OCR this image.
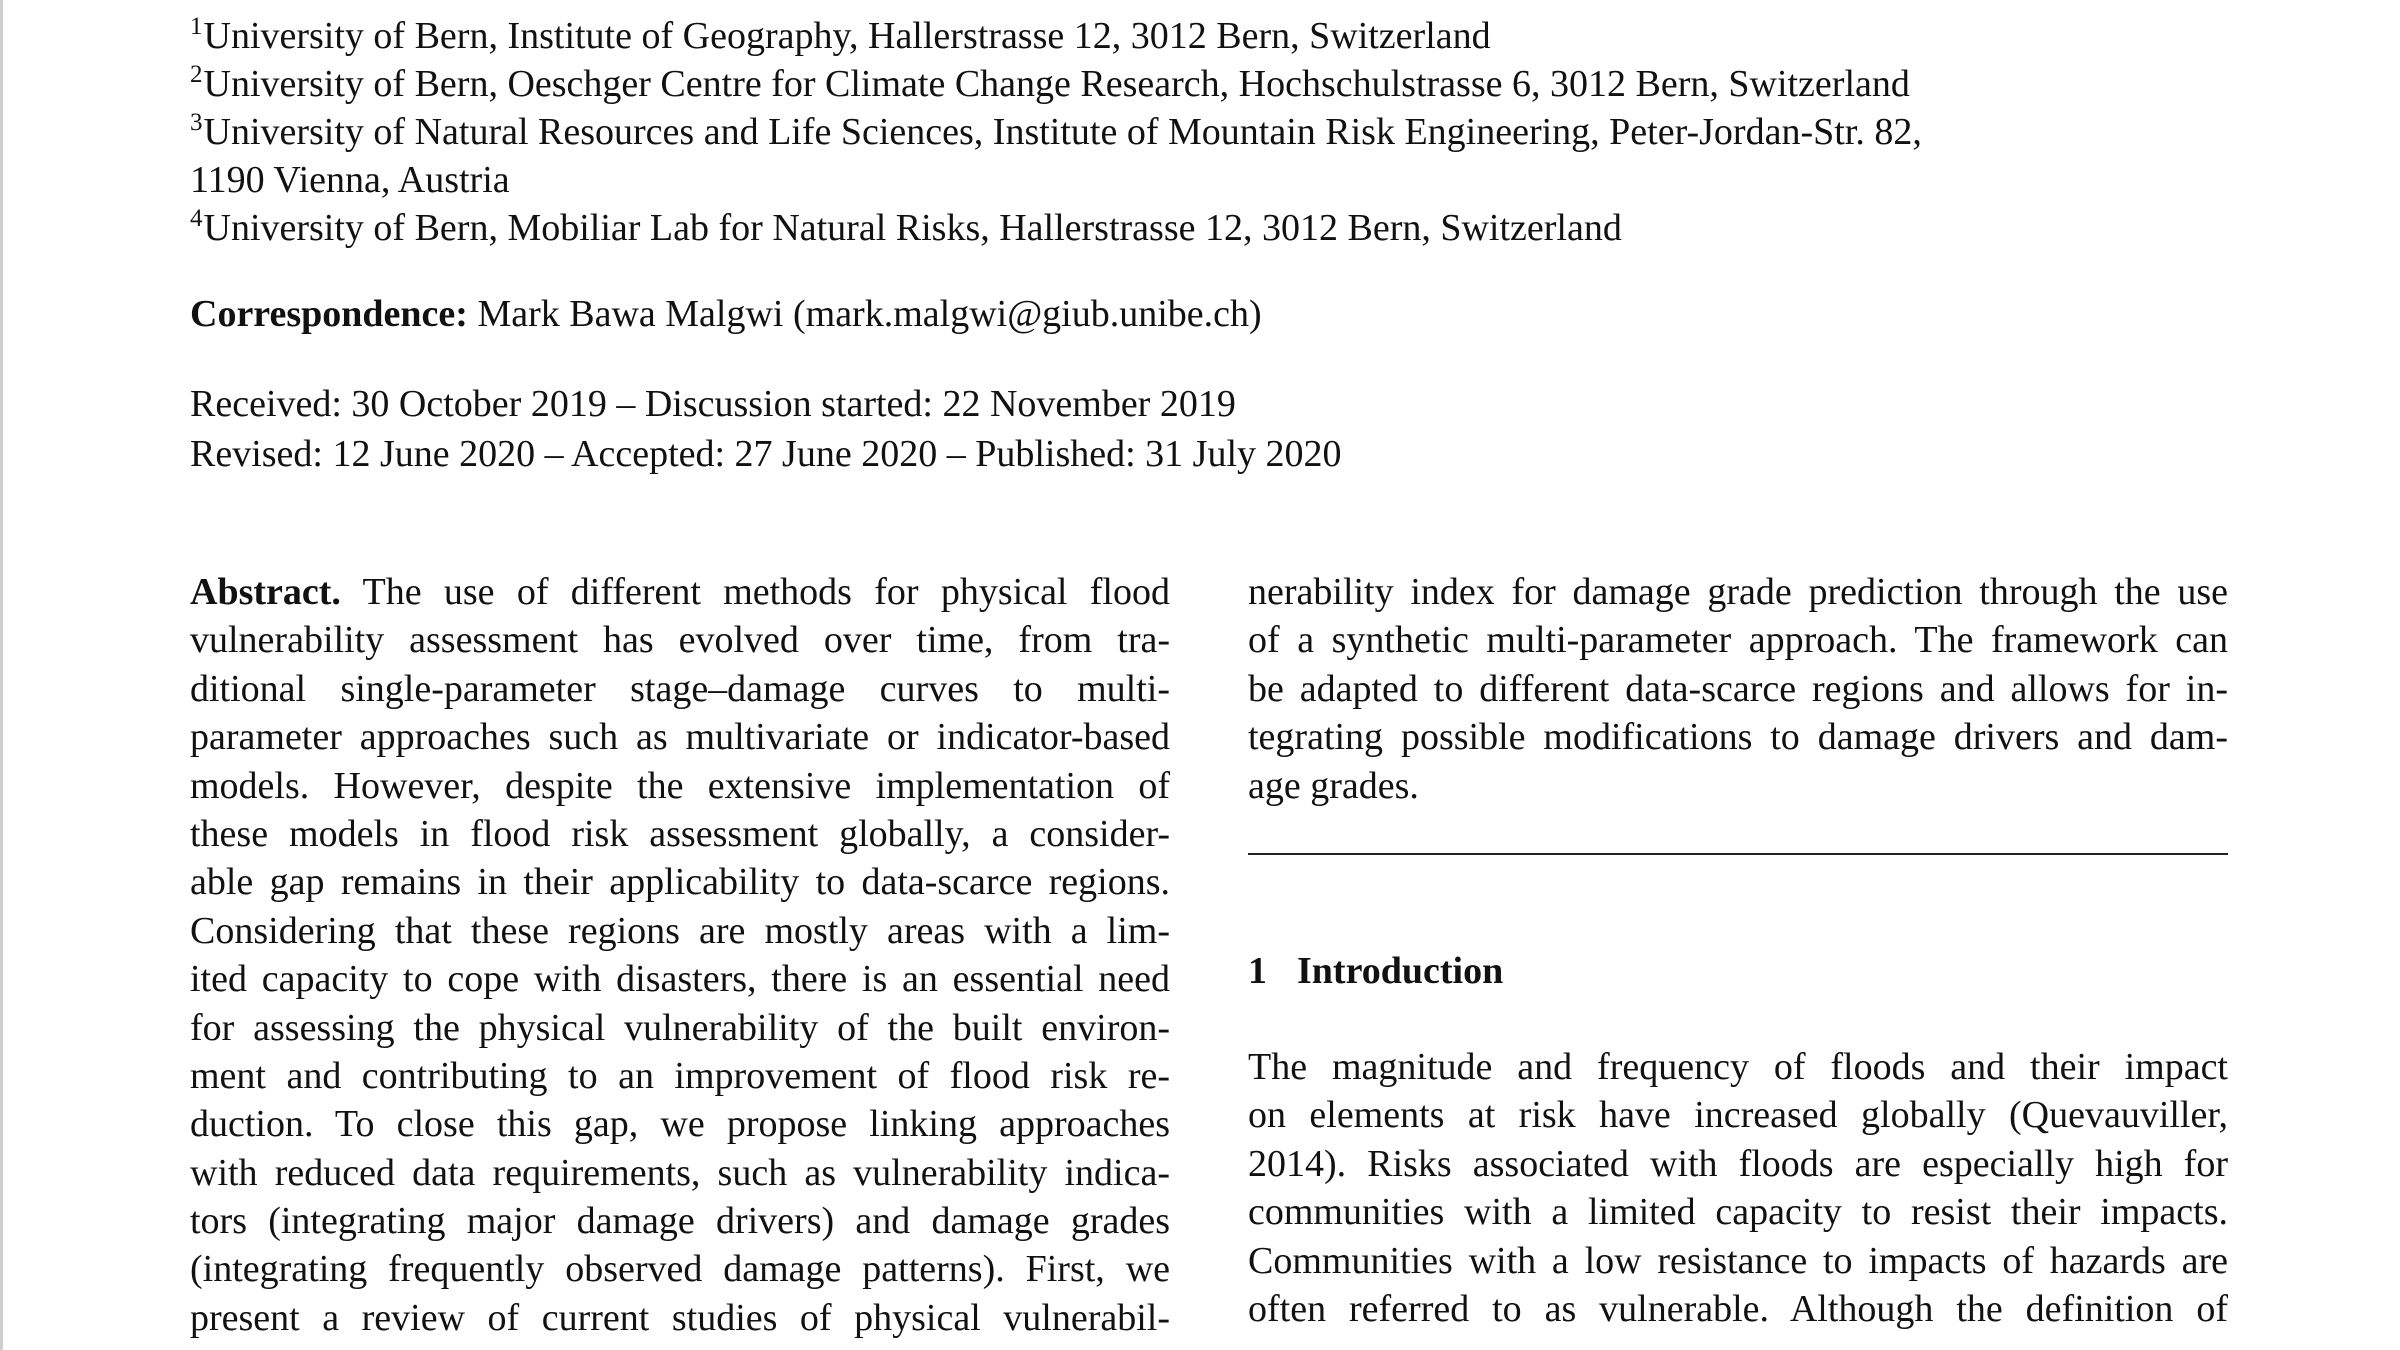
$^1$University of Bern, Institute of Geography, Hallerstrasse 12, 3012 Bern, Switzerland
$^2$University of Bern, Oeschger Centre for Climate Change Research, Hochschulstrasse 6, 3012 Bern, Switzerland
$^3$University of Natural Resources and Life Sciences, Institute of Mountain Risk Engineering, Peter-Jordan-Str. 82,
1190 Vienna, Austria
$^4$University of Bern, Mobiliar Lab for Natural Risks, Hallerstrasse 12, 3012 Bern, Switzerland
Correspondence: Mark Bawa Malgwi (mark.malgwi@giub.unibe.ch)
Received: 30 October 2019 – Discussion started: 22 November 2019
Revised: 12 June 2020 – Accepted: 27 June 2020 – Published: 31 July 2020
Abstract. The use of different methods for physical flood
vulnerability assessment has evolved over time, from tra-
ditional single-parameter stage–damage curves to multi-
parameter approaches such as multivariate or indicator-based
models. However, despite the extensive implementation of
these models in flood risk assessment globally, a consider-
able gap remains in their applicability to data-scarce regions.
Considering that these regions are mostly areas with a lim-
ited capacity to cope with disasters, there is an essential need
for assessing the physical vulnerability of the built environ-
ment and contributing to an improvement of flood risk re-
duction. To close this gap, we propose linking approaches
with reduced data requirements, such as vulnerability indica-
tors (integrating major damage drivers) and damage grades
(integrating frequently observed damage patterns). First, we
present a review of current studies of physical vulnerabil-
nerability index for damage grade prediction through the use
of a synthetic multi-parameter approach. The framework can
be adapted to different data-scarce regions and allows for in-
tegrating possible modifications to damage drivers and dam-
age grades.
1 Introduction
The magnitude and frequency of floods and their impact
on elements at risk have increased globally (Quevauviller,
2014). Risks associated with floods are especially high for
communities with a limited capacity to resist their impacts.
Communities with a low resistance to impacts of hazards are
often referred to as vulnerable. Although the definition of
